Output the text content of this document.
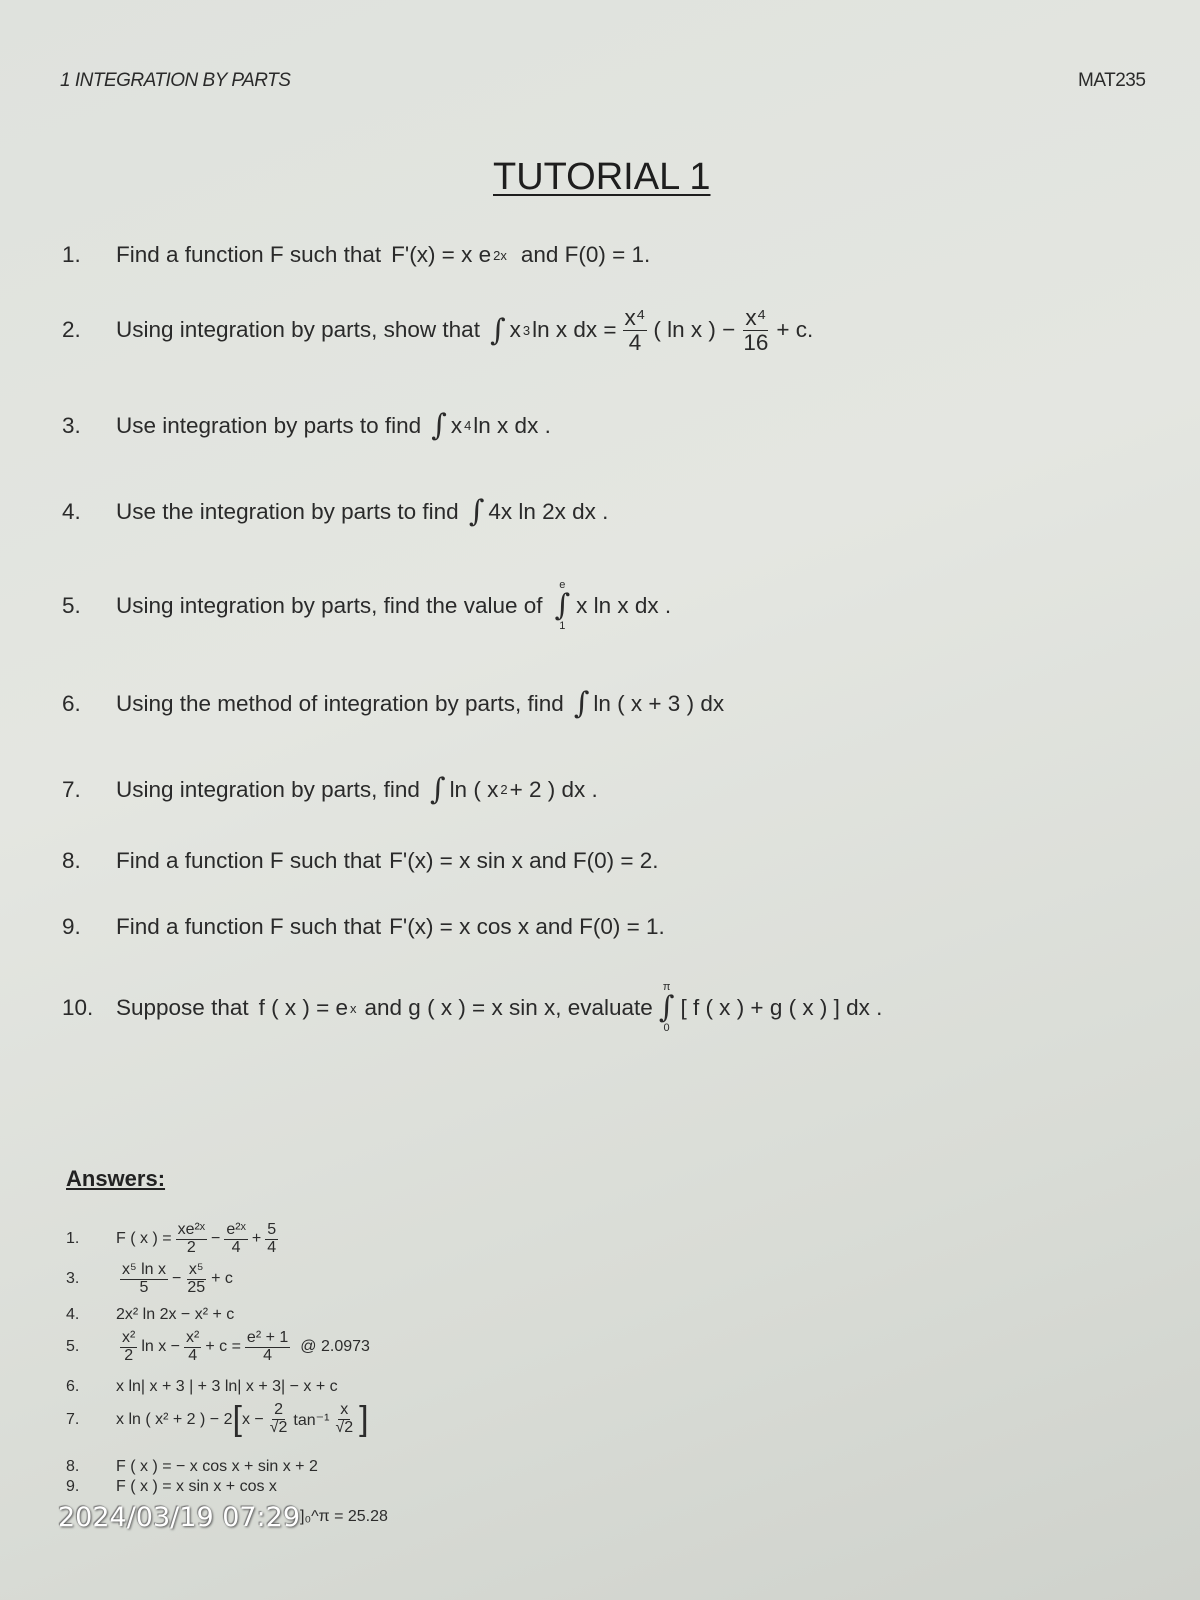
1 INTEGRATION BY PARTS	MAT235
TUTORIAL 1
1.	Find a function F such that F'(x) = x e 2x and F(0) = 1.
2.	Using integration by parts, show that ∫ x 3 ln x dx = $\frac{\text{x⁴}}{4}$ ( ln x ) − $\frac{\text{x⁴}}{16} + c$.
3.	Use integration by parts to find ∫ x 4 ln x dx .
4.	Use the integration by parts to find ∫ 4x ln 2x dx .
5.	Using integration by parts, find the value of
e
∫
1
x ln x dx .
6.	Using the method of integration by parts, find ∫ ln ( x + 3 ) dx
7.	Using integration by parts, find ∫ ln ( x 2 + 2 ) dx .
8.	Find a function F such that F'(x) = x sin x and F(0) = 2.
9.	Find a function F such that F'(x) = x cos x and F(0) = 1.
10.	Suppose that f ( x ) = e x and g ( x ) = x sin x, evaluate
π
∫
0
[ f ( x ) + g ( x ) ] dx .
Answers:
1.	F ( x ) = $\frac{\text{xe²ˣ}}{2} - \frac{\text{e²ˣ}}{4} + \frac{5}{4}$
3.	$\frac{\text{x⁵ ln x}}{5} - \frac{\text{x⁵}}{25} + c$
4.	2x² ln 2x − x² + c
5.	$\frac{\text{x²}}{2}$ $\ln x - \frac{\text{x²}}{4} + c = \frac{\text{e² + 1}}{4}$ @ 2.0973
6.	x ln| x + 3 | + 3 ln| x + 3| − x + c
7.	x ln ( x² + 2 ) − 2 [ $x - \frac{2}{√2} \tan^{-1} \frac{x}{√2}$ ]
8.	F ( x ) = − x cos x + sin x + 2
9.	F ( x ) = x sin x + cos x
]₀^π = 25.28
2024/03/19 07:29
